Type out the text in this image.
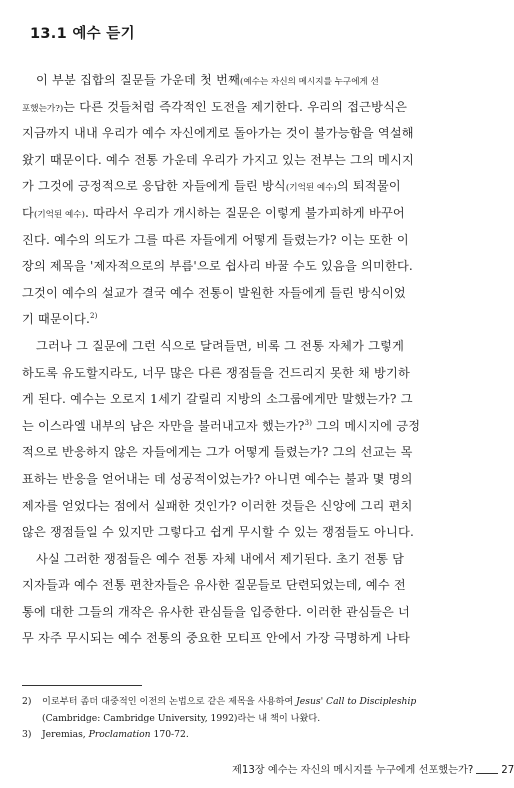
13.1 예수 듣기
이 부분 집합의 질문들 가운데 첫 번째(예수는 자신의 메시지를 누구에게 선
포했는가?)는 다른 것들처럼 즉각적인 도전을 제기한다. 우리의 접근방식은
지금까지 내내 우리가 예수 자신에게로 돌아가는 것이 불가능함을 역설해
왔기 때문이다. 예수 전통 가운데 우리가 가지고 있는 전부는 그의 메시지
가 그것에 긍정적으로 응답한 자들에게 들린 방식(기억된 예수)의 퇴적물이
다(기억된 예수). 따라서 우리가 개시하는 질문은 이렇게 불가피하게 바꾸어
진다. 예수의 의도가 그를 따른 자들에게 어떻게 들렸는가? 이는 또한 이
장의 제목을 '제자적으로의 부름'으로 쉽사리 바꿀 수도 있음을 의미한다.
그것이 예수의 설교가 결국 예수 전통이 발원한 자들에게 들린 방식이었
기 때문이다.$^{2)}$
그러나 그 질문에 그런 식으로 달려들면, 비록 그 전통 자체가 그렇게
하도록 유도할지라도, 너무 많은 다른 쟁점들을 건드리지 못한 채 방기하
게 된다. 예수는 오로지 1세기 갈릴리 지방의 소그룹에게만 말했는가? 그
는 이스라엘 내부의 남은 자만을 불러내고자 했는가?$^{3)}$ 그의 메시지에 긍정
적으로 반응하지 않은 자들에게는 그가 어떻게 들렸는가? 그의 선교는 목
표하는 반응을 얻어내는 데 성공적이었는가? 아니면 예수는 불과 몇 명의
제자를 얻었다는 점에서 실패한 것인가? 이러한 것들은 신앙에 그리 편치
않은 쟁점들일 수 있지만 그렇다고 쉽게 무시할 수 있는 쟁점들도 아니다.
사실 그러한 쟁점들은 예수 전통 자체 내에서 제기된다. 초기 전통 담
지자들과 예수 전통 편찬자들은 유사한 질문들로 단련되었는데, 예수 전
통에 대한 그들의 개작은 유사한 관심들을 입증한다. 이러한 관심들은 너
무 자주 무시되는 예수 전통의 중요한 모티프 안에서 가장 극명하게 나타
2) 이로부터 좀더 대중적인 이전의 논법으로 같은 제목을 사용하여 Jesus' Call to Discipleship
(Cambridge: Cambridge University, 1992)라는 내 책이 나왔다.
3) Jeremias, Proclamation 170-72.
제13장 예수는 자신의 메시지를 누구에게 선포했는가?	27
